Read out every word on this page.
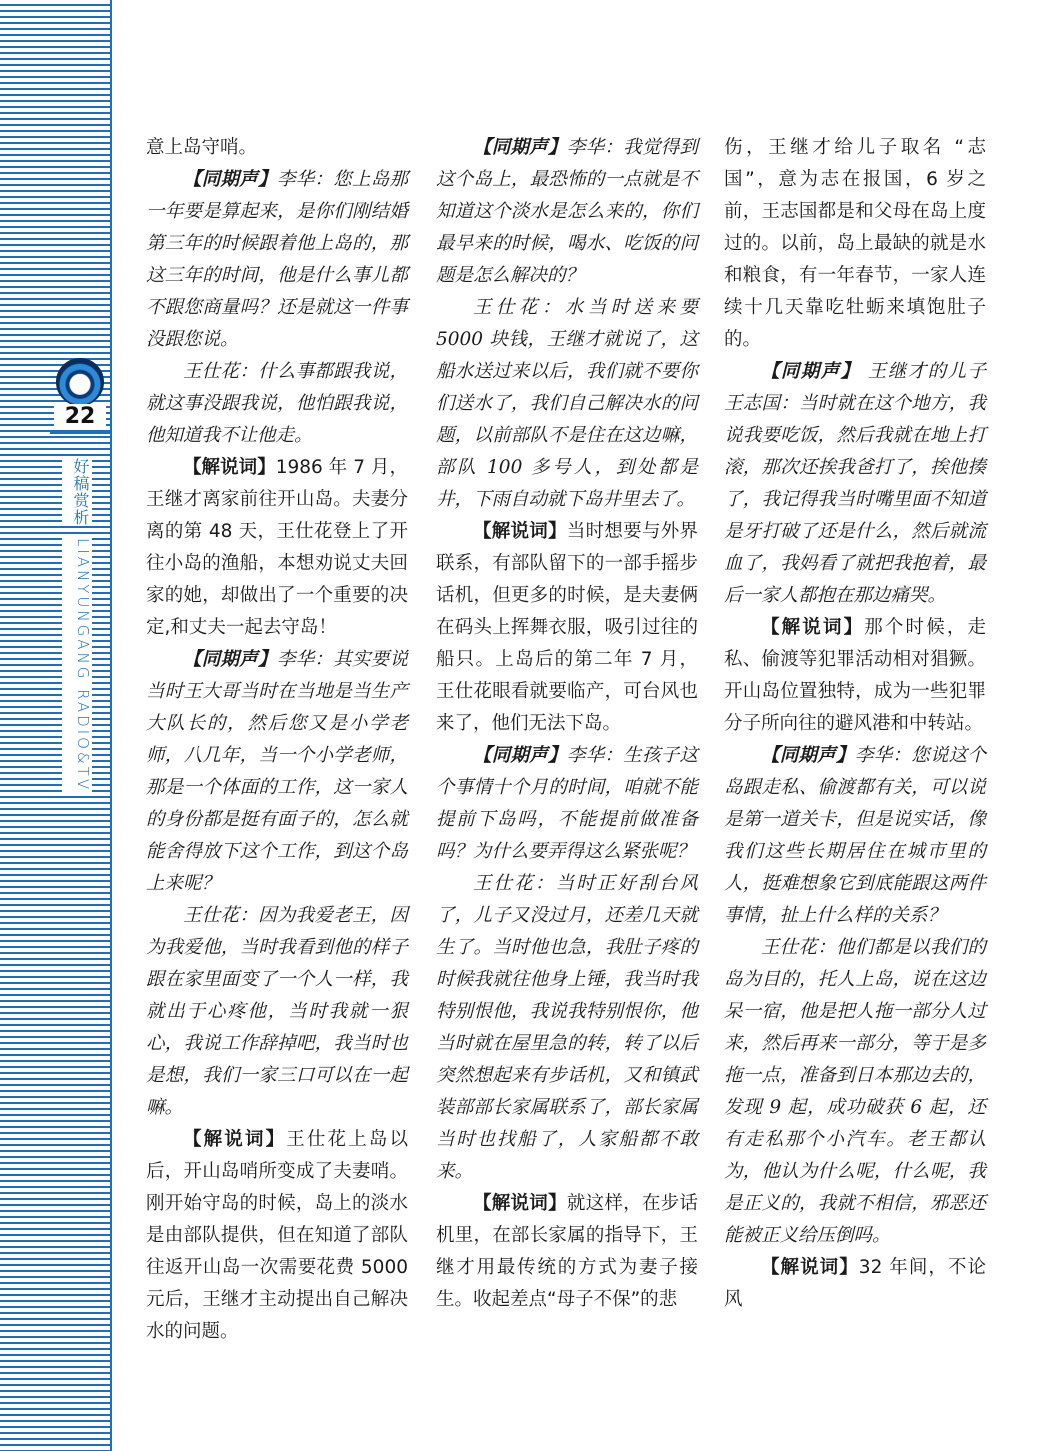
22
好稿赏析
LIANYUNGANG RADIO&TV

意上岛守哨。

【同期声】李华：您上岛那一年要是算起来，是你们刚结婚第三年的时候跟着他上岛的，那这三年的时间，他是什么事儿都不跟您商量吗？还是就这一件事没跟您说。

王仕花：什么事都跟我说，就这事没跟我说，他怕跟我说，他知道我不让他走。

【解说词】1986 年 7 月，王继才离家前往开山岛。夫妻分离的第 48 天，王仕花登上了开往小岛的渔船，本想劝说丈夫回家的她，却做出了一个重要的决定,和丈夫一起去守岛！

【同期声】李华：其实要说当时王大哥当时在当地是当生产大队长的，然后您又是小学老师，八几年，当一个小学老师，那是一个体面的工作，这一家人的身份都是挺有面子的，怎么就能舍得放下这个工作，到这个岛上来呢？

王仕花：因为我爱老王，因为我爱他，当时我看到他的样子跟在家里面变了一个人一样，我就出于心疼他，当时我就一狠心，我说工作辞掉吧，我当时也是想，我们一家三口可以在一起嘛。

【解说词】王仕花上岛以后，开山岛哨所变成了夫妻哨。刚开始守岛的时候，岛上的淡水是由部队提供，但在知道了部队往返开山岛一次需要花费 5000 元后，王继才主动提出自己解决水的问题。

【同期声】李华：我觉得到这个岛上，最恐怖的一点就是不知道这个淡水是怎么来的，你们最早来的时候，喝水、吃饭的问题是怎么解决的？

王仕花：水当时送来要 5000 块钱，王继才就说了，这船水送过来以后，我们就不要你们送水了，我们自己解决水的问题，以前部队不是住在这边嘛，部队 100 多号人，到处都是井，下雨自动就下岛井里去了。

【解说词】当时想要与外界联系，有部队留下的一部手摇步话机，但更多的时候，是夫妻俩在码头上挥舞衣服，吸引过往的船只。上岛后的第二年 7 月，王仕花眼看就要临产，可台风也来了，他们无法下岛。

【同期声】李华：生孩子这个事情十个月的时间，咱就不能提前下岛吗，不能提前做准备吗？为什么要弄得这么紧张呢？

王仕花：当时正好刮台风了，儿子又没过月，还差几天就生了。当时他也急，我肚子疼的时候我就往他身上锤，我当时我特别恨他，我说我特别恨你，他当时就在屋里急的转，转了以后突然想起来有步话机，又和镇武装部部长家属联系了，部长家属当时也找船了，人家船都不敢来。

【解说词】就这样，在步话机里，在部长家属的指导下，王继才用最传统的方式为妻子接生。收起差点“母子不保”的悲

伤，王继才给儿子取名 “志国”，意为志在报国，6 岁之前，王志国都是和父母在岛上度过的。以前，岛上最缺的就是水和粮食，有一年春节，一家人连续十几天靠吃牡蛎来填饱肚子的。

【同期声】 王继才的儿子王志国：当时就在这个地方，我说我要吃饭，然后我就在地上打滚，那次还挨我爸打了，挨他揍了，我记得我当时嘴里面不知道是牙打破了还是什么，然后就流血了，我妈看了就把我抱着，最后一家人都抱在那边痛哭。

【解说词】那个时候，走私、偷渡等犯罪活动相对猖獗。开山岛位置独特，成为一些犯罪分子所向往的避风港和中转站。

【同期声】李华：您说这个岛跟走私、偷渡都有关，可以说是第一道关卡，但是说实话，像我们这些长期居住在城市里的人，挺难想象它到底能跟这两件事情，扯上什么样的关系？

王仕花：他们都是以我们的岛为目的，托人上岛，说在这边呆一宿，他是把人拖一部分人过来，然后再来一部分，等于是多拖一点，准备到日本那边去的，发现 9 起，成功破获 6 起，还有走私那个小汽车。老王都认为，他认为什么呢，什么呢，我是正义的，我就不相信，邪恶还能被正义给压倒吗。

【解说词】32 年间，不论风
